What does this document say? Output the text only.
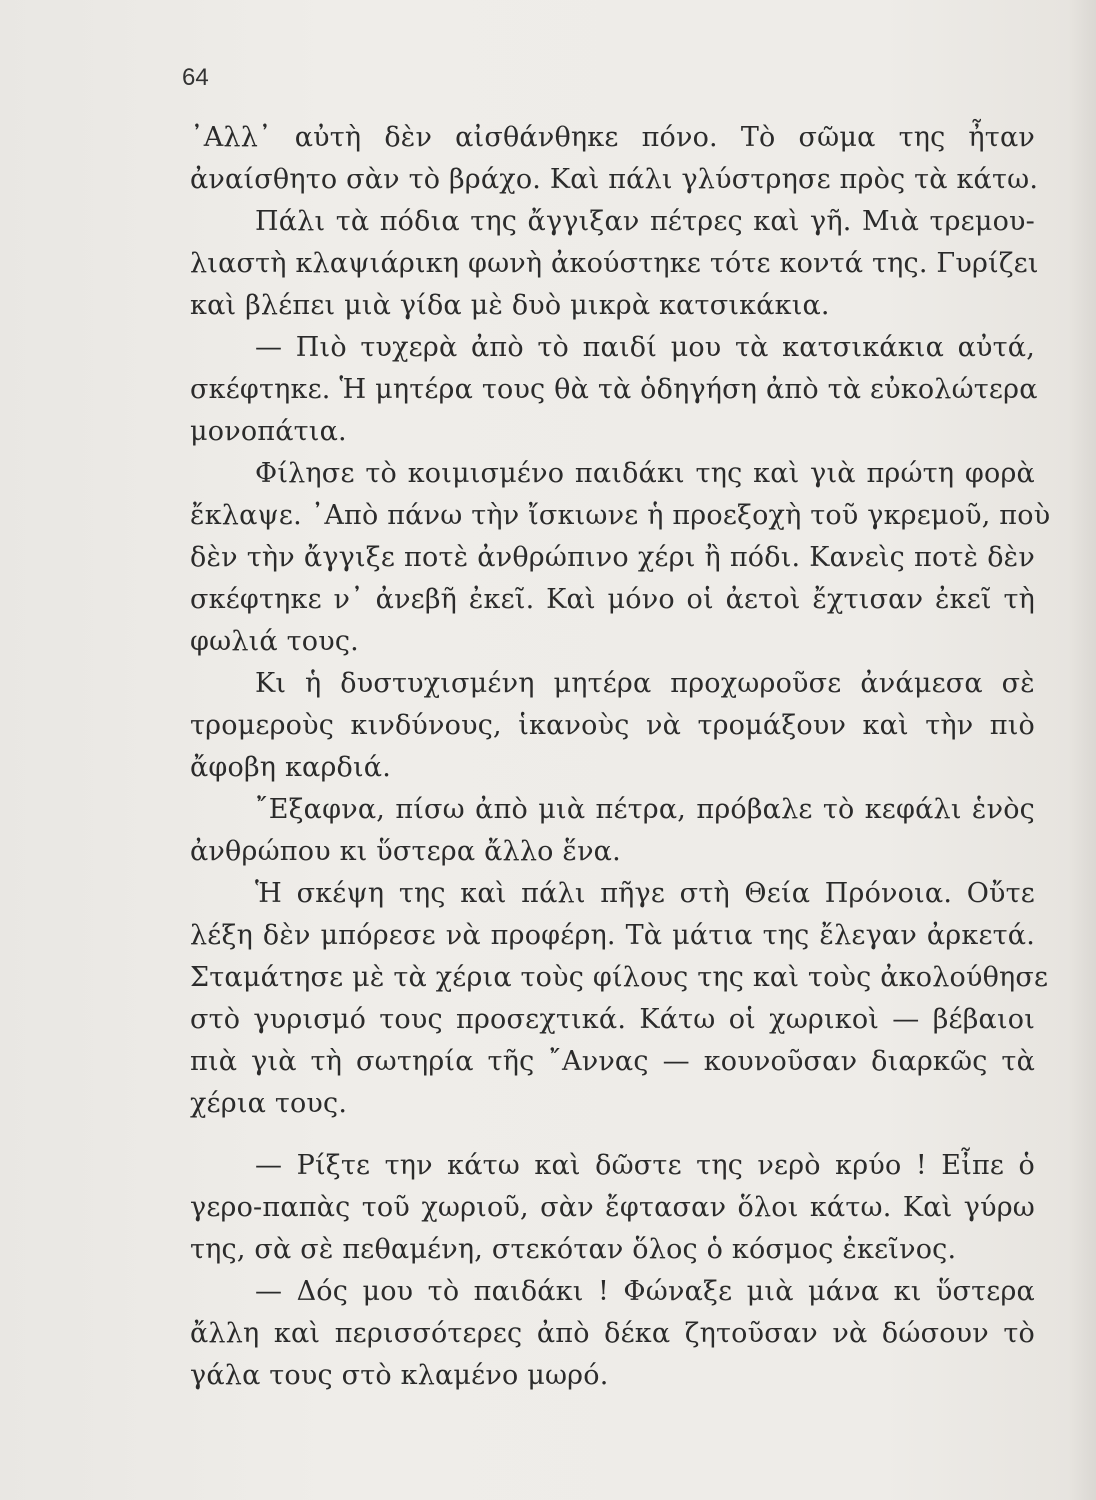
64
᾿Αλλ᾿ αὐτὴ δὲν αἰσθάνθηκε πόνο. Τὸ σῶμα της ἦταν
ἀναίσθητο σὰν τὸ βράχο. Καὶ πάλι γλύστρησε πρὸς τὰ κάτω.
Πάλι τὰ πόδια της ἄγγιξαν πέτρες καὶ γῆ. Μιὰ τρεμου-
λιαστὴ κλαψιάρικη φωνὴ ἀκούστηκε τότε κοντά της. Γυρίζει
καὶ βλέπει μιὰ γίδα μὲ δυὸ μικρὰ κατσικάκια.
— Πιὸ τυχερὰ ἀπὸ τὸ παιδί μου τὰ κατσικάκια αὐτά,
σκέφτηκε. Ἡ μητέρα τους θὰ τὰ ὁδηγήση ἀπὸ τὰ εὐκολώτερα
μονοπάτια.
Φίλησε τὸ κοιμισμένο παιδάκι της καὶ γιὰ πρώτη φορὰ
ἔκλαψε. ᾿Απὸ πάνω τὴν ἴσκιωνε ἡ προεξοχὴ τοῦ γκρεμοῦ, ποὺ
δὲν τὴν ἄγγιξε ποτὲ ἀνθρώπινο χέρι ἢ πόδι. Κανεὶς ποτὲ δὲν
σκέφτηκε ν᾿ ἀνεβῆ ἐκεῖ. Καὶ μόνο οἱ ἀετοὶ ἔχτισαν ἐκεῖ τὴ
φωλιά τους.
Κι ἡ δυστυχισμένη μητέρα προχωροῦσε ἀνάμεσα σὲ
τρομεροὺς κινδύνους, ἱκανοὺς νὰ τρομάξουν καὶ τὴν πιὸ
ἄφοβη καρδιά.
῎Εξαφνα, πίσω ἀπὸ μιὰ πέτρα, πρόβαλε τὸ κεφάλι ἑνὸς
ἀνθρώπου κι ὕστερα ἄλλο ἕνα.
Ἡ σκέψη της καὶ πάλι πῆγε στὴ Θεία Πρόνοια. Οὔτε
λέξη δὲν μπόρεσε νὰ προφέρη. Τὰ μάτια της ἔλεγαν ἀρκετά.
Σταμάτησε μὲ τὰ χέρια τοὺς φίλους της καὶ τοὺς ἀκολούθησε
στὸ γυρισμό τους προσεχτικά. Κάτω οἱ χωρικοὶ — βέβαιοι
πιὰ γιὰ τὴ σωτηρία τῆς ῎Αννας — κουνοῦσαν διαρκῶς τὰ
χέρια τους.
— Ρίξτε την κάτω καὶ δῶστε της νερὸ κρύο ! Εἶπε ὁ
γερο-παπὰς τοῦ χωριοῦ, σὰν ἔφτασαν ὅλοι κάτω. Καὶ γύρω
της, σὰ σὲ πεθαμένη, στεκόταν ὅλος ὁ κόσμος ἐκεῖνος.
— Δός μου τὸ παιδάκι ! Φώναξε μιὰ μάνα κι ὕστερα
ἄλλη καὶ περισσότερες ἀπὸ δέκα ζητοῦσαν νὰ δώσουν τὸ
γάλα τους στὸ κλαμένο μωρό.
